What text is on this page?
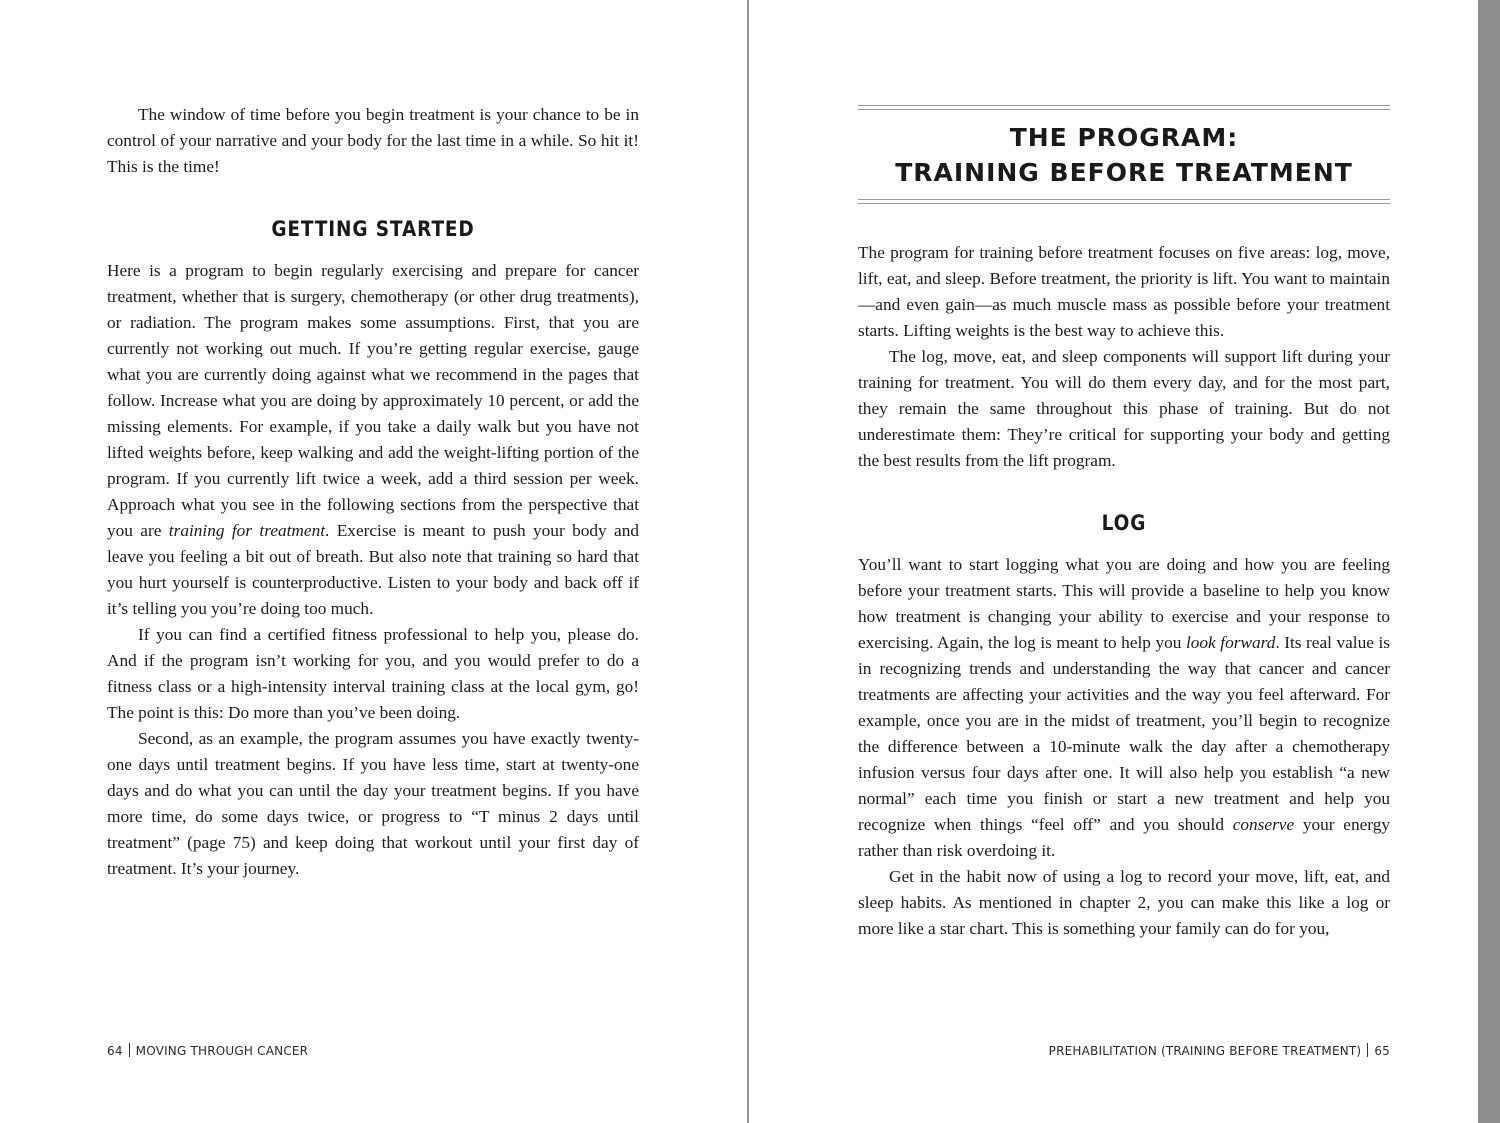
The window of time before you begin treatment is your chance to be in control of your narrative and your body for the last time in a while. So hit it! This is the time!

GETTING STARTED

Here is a program to begin regularly exercising and prepare for cancer treatment, whether that is surgery, chemotherapy (or other drug treatments), or radiation. The program makes some assumptions. First, that you are currently not working out much. If you’re getting regular exercise, gauge what you are currently doing against what we recommend in the pages that follow. Increase what you are doing by approximately 10 percent, or add the missing elements. For example, if you take a daily walk but you have not lifted weights before, keep walking and add the weight-lifting portion of the program. If you currently lift twice a week, add a third session per week. Approach what you see in the following sections from the perspective that you are training for treatment. Exercise is meant to push your body and leave you feeling a bit out of breath. But also note that training so hard that you hurt yourself is counterproductive. Listen to your body and back off if it’s telling you you’re doing too much.

If you can find a certified fitness professional to help you, please do. And if the program isn’t working for you, and you would prefer to do a fitness class or a high-intensity interval training class at the local gym, go! The point is this: Do more than you’ve been doing.

Second, as an example, the program assumes you have exactly twenty-one days until treatment begins. If you have less time, start at twenty-one days and do what you can until the day your treatment begins. If you have more time, do some days twice, or progress to “T minus 2 days until treatment” (page 75) and keep doing that workout until your first day of treatment. It’s your journey.

64 MOVING THROUGH CANCER
THE PROGRAM:
TRAINING BEFORE TREATMENT

The program for training before treatment focuses on five areas: log, move, lift, eat, and sleep. Before treatment, the priority is lift. You want to maintain—and even gain—as much muscle mass as possible before your treatment starts. Lifting weights is the best way to achieve this.

The log, move, eat, and sleep components will support lift during your training for treatment. You will do them every day, and for the most part, they remain the same throughout this phase of training. But do not underestimate them: They’re critical for supporting your body and getting the best results from the lift program.

LOG

You’ll want to start logging what you are doing and how you are feeling before your treatment starts. This will provide a baseline to help you know how treatment is changing your ability to exercise and your response to exercising. Again, the log is meant to help you look forward. Its real value is in recognizing trends and understanding the way that cancer and cancer treatments are affecting your activities and the way you feel afterward. For example, once you are in the midst of treatment, you’ll begin to recognize the difference between a 10-minute walk the day after a chemotherapy infusion versus four days after one. It will also help you establish “a new normal” each time you finish or start a new treatment and help you recognize when things “feel off” and you should conserve your energy rather than risk overdoing it.

Get in the habit now of using a log to record your move, lift, eat, and sleep habits. As mentioned in chapter 2, you can make this like a log or more like a star chart. This is something your family can do for you,

PREHABILITATION (TRAINING BEFORE TREATMENT) 65
